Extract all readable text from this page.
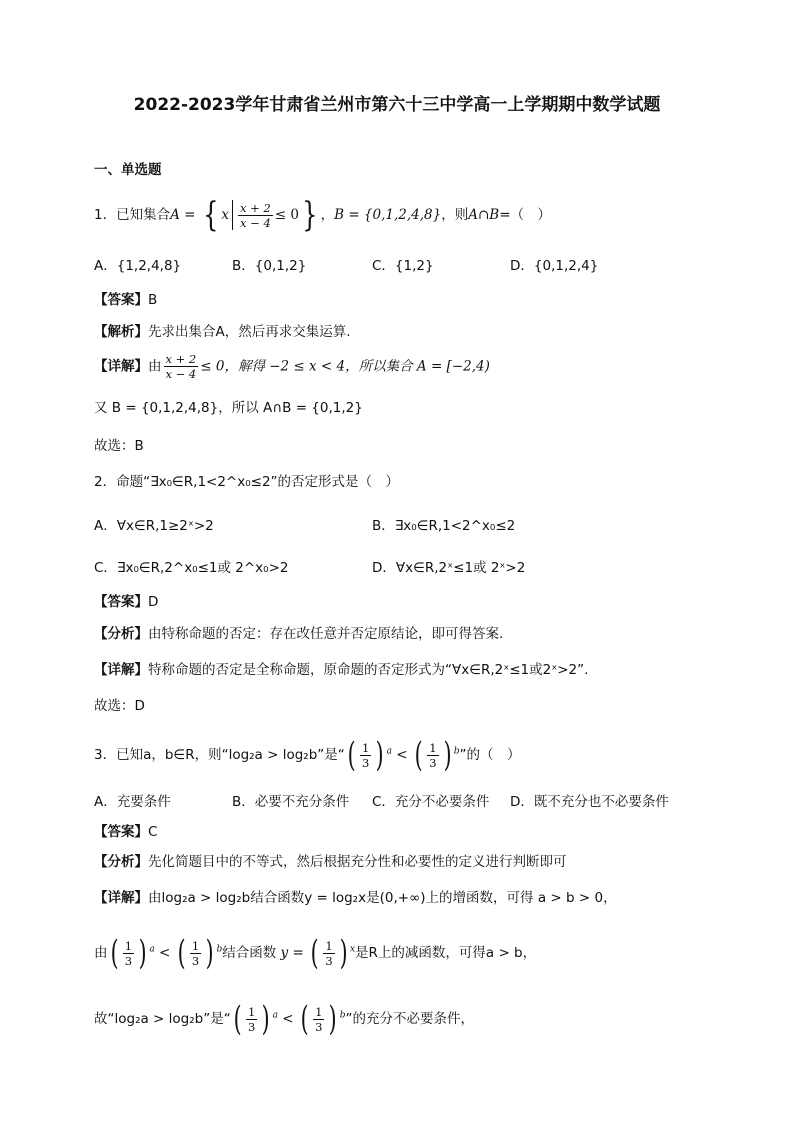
2022-2023学年甘肃省兰州市第六十三中学高一上学期期中数学试题
一、单选题
1．已知集合A = { x $\frac{x + 2}{x - 4} \le 0$} ，B = {0,1,2,4,8}，则A∩B=（　）
A．{1,2,4,8}	B．{0,1,2}	C．{1,2}	D．{0,1,2,4}
【答案】B
【解析】先求出集合A，然后再求交集运算.
【详解】由 $\frac{x + 2}{x - 4} \le 0$，解得 −2 ≤ x < 4，所以集合 A = [−2,4)
又 B = {0,1,2,4,8}，所以 A∩B = {0,1,2}
故选：B
2．命题“∃x₀∈R,1<2^x₀≤2”的否定形式是（　）
A．∀x∈R,1≥2ˣ>2	B．∃x₀∈R,1<2^x₀≤2
C．∃x₀∈R,2^x₀≤1或 2^x₀>2	D．∀x∈R,2ˣ≤1或 2ˣ>2
【答案】D
【分析】由特称命题的否定：存在改任意并否定原结论，即可得答案.
【详解】特称命题的否定是全称命题，原命题的否定形式为“∀x∈R,2ˣ≤1或2ˣ>2”.
故选：D
3．已知a，b∈R，则“log₂a > log₂b”是“( $\frac{1}{3}$ ) $^a$ < ( $\frac{1}{3}$ ) $^b$”的（　）
A．充要条件	B．必要不充分条件 C．充分不必要条件 D．既不充分也不必要条件
【答案】C
【分析】先化简题目中的不等式，然后根据充分性和必要性的定义进行判断即可
【详解】由log₂a > log₂b结合函数y = log₂x是(0,+∞)上的增函数，可得 a > b > 0，
由( $\frac{1}{3}$ ) $^a$ < ( $\frac{1}{3}$ ) $^b$结合函数 y = ( $\frac{1}{3}$ ) $^x$是R上的减函数，可得a > b，
故“log₂a > log₂b”是“( $\frac{1}{3}$ ) $^a$ < ( $\frac{1}{3}$ ) $^b$”的充分不必要条件，
